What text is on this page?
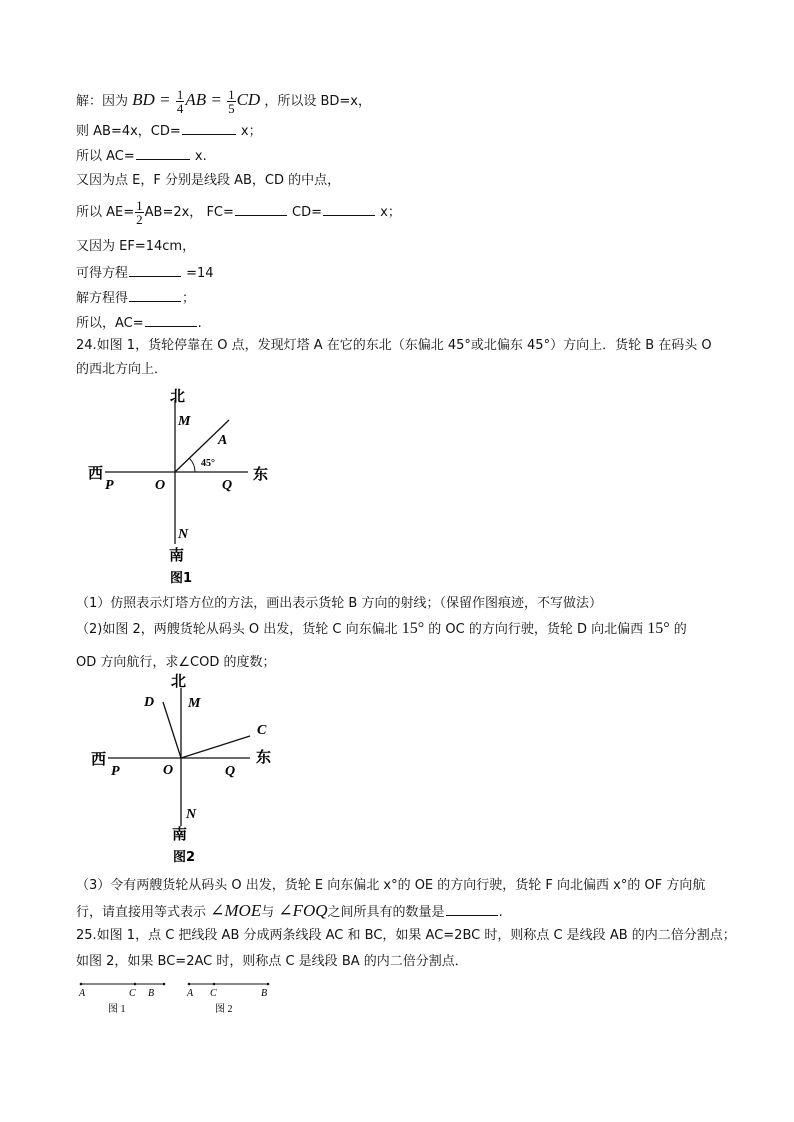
解：因为 BD = $\frac{1}{4}$ AB = $\frac{1}{5}$ CD ，所以设 BD=x，
则 AB=4x，CD=	x；
所以 AC=	x.
又因为点 E，F 分别是线段 AB，CD 的中点，
所以 $AE= \frac{1}{2} AB=2x$， FC=	CD=	x；
又因为 EF=14cm，
可得方程	=14
解方程得	；
所以，AC=	.
24.如图 1，货轮停靠在 O 点，发现灯塔 A 在它的东北（东偏北 45°或北偏东 45°）方向上．货轮 B 在码头 O
的西北方向上．
北
M
A
45°
西	东
P	O	Q
N
南
图1
（1）仿照表示灯塔方位的方法，画出表示货轮 B 方向的射线；（保留作图痕迹，不写做法）
（2)如图 2，两艘货轮从码头 O 出发，货轮 C 向东偏北 15° 的 OC 的方向行驶，货轮 D 向北偏西 15° 的
OD 方向航行，求∠COD 的度数；
北
D M
C
西	东
P	O	Q
N
南
图2
（3）令有两艘货轮从码头 O 出发，货轮 E 向东偏北 x°的 OE 的方向行驶，货轮 F 向北偏西 x°的 OF 方向航
行，请直接用等式表示 ∠MOE与 ∠FOQ之间所具有的数量是	.
25.如图 1，点 C 把线段 AB 分成两条线段 AC 和 BC，如果 AC=2BC 时，则称点 C 是线段 AB 的内二倍分割点；
如图 2，如果 BC=2AC 时，则称点 C 是线段 BA 的内二倍分割点．
A	C B
图 1
A C	B
图 2
